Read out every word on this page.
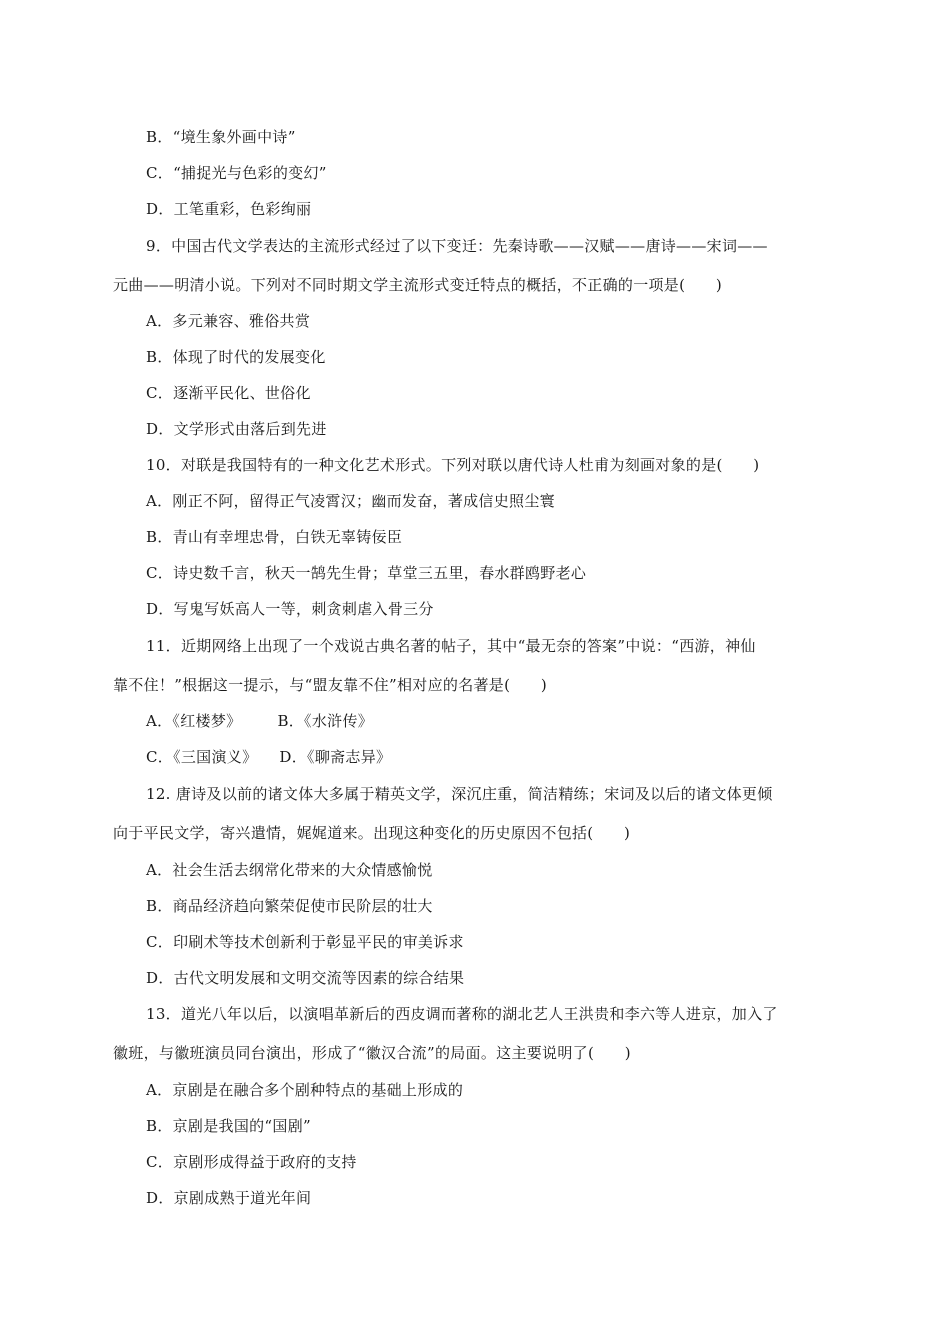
B．“境生象外画中诗”
C．“捕捉光与色彩的变幻”
D．工笔重彩，色彩绚丽
9．中国古代文学表达的主流形式经过了以下变迁：先秦诗歌——汉赋——唐诗——宋词——
元曲——明清小说。下列对不同时期文学主流形式变迁特点的概括，不正确的一项是(　　)
A．多元兼容、雅俗共赏
B．体现了时代的发展变化
C．逐渐平民化、世俗化
D．文学形式由落后到先进
10．对联是我国特有的一种文化艺术形式。下列对联以唐代诗人杜甫为刻画对象的是(　　)
A．刚正不阿，留得正气凌霄汉；幽而发奋，著成信史照尘寰
B．青山有幸埋忠骨，白铁无辜铸佞臣
C．诗史数千言，秋天一鹄先生骨；草堂三五里，春水群鸥野老心
D．写鬼写妖高人一等，刺贪刺虐入骨三分
11．近期网络上出现了一个戏说古典名著的帖子，其中“最无奈的答案”中说：“西游，神仙
靠不住！”根据这一提示，与“盟友靠不住”相对应的名著是(　　)
A．《红楼梦》 B．《水浒传》
C．《三国演义》 D．《聊斋志异》
12. 唐诗及以前的诸文体大多属于精英文学，深沉庄重，简洁精练；宋词及以后的诸文体更倾
向于平民文学，寄兴遣情，娓娓道来。出现这种变化的历史原因不包括(　　)
A．社会生活去纲常化带来的大众情感愉悦
B．商品经济趋向繁荣促使市民阶层的壮大
C．印刷术等技术创新利于彰显平民的审美诉求
D．古代文明发展和文明交流等因素的综合结果
13．道光八年以后，以演唱革新后的西皮调而著称的湖北艺人王洪贵和李六等人进京，加入了
徽班，与徽班演员同台演出，形成了“徽汉合流”的局面。这主要说明了(　　)
A．京剧是在融合多个剧种特点的基础上形成的
B．京剧是我国的“国剧”
C．京剧形成得益于政府的支持
D．京剧成熟于道光年间
